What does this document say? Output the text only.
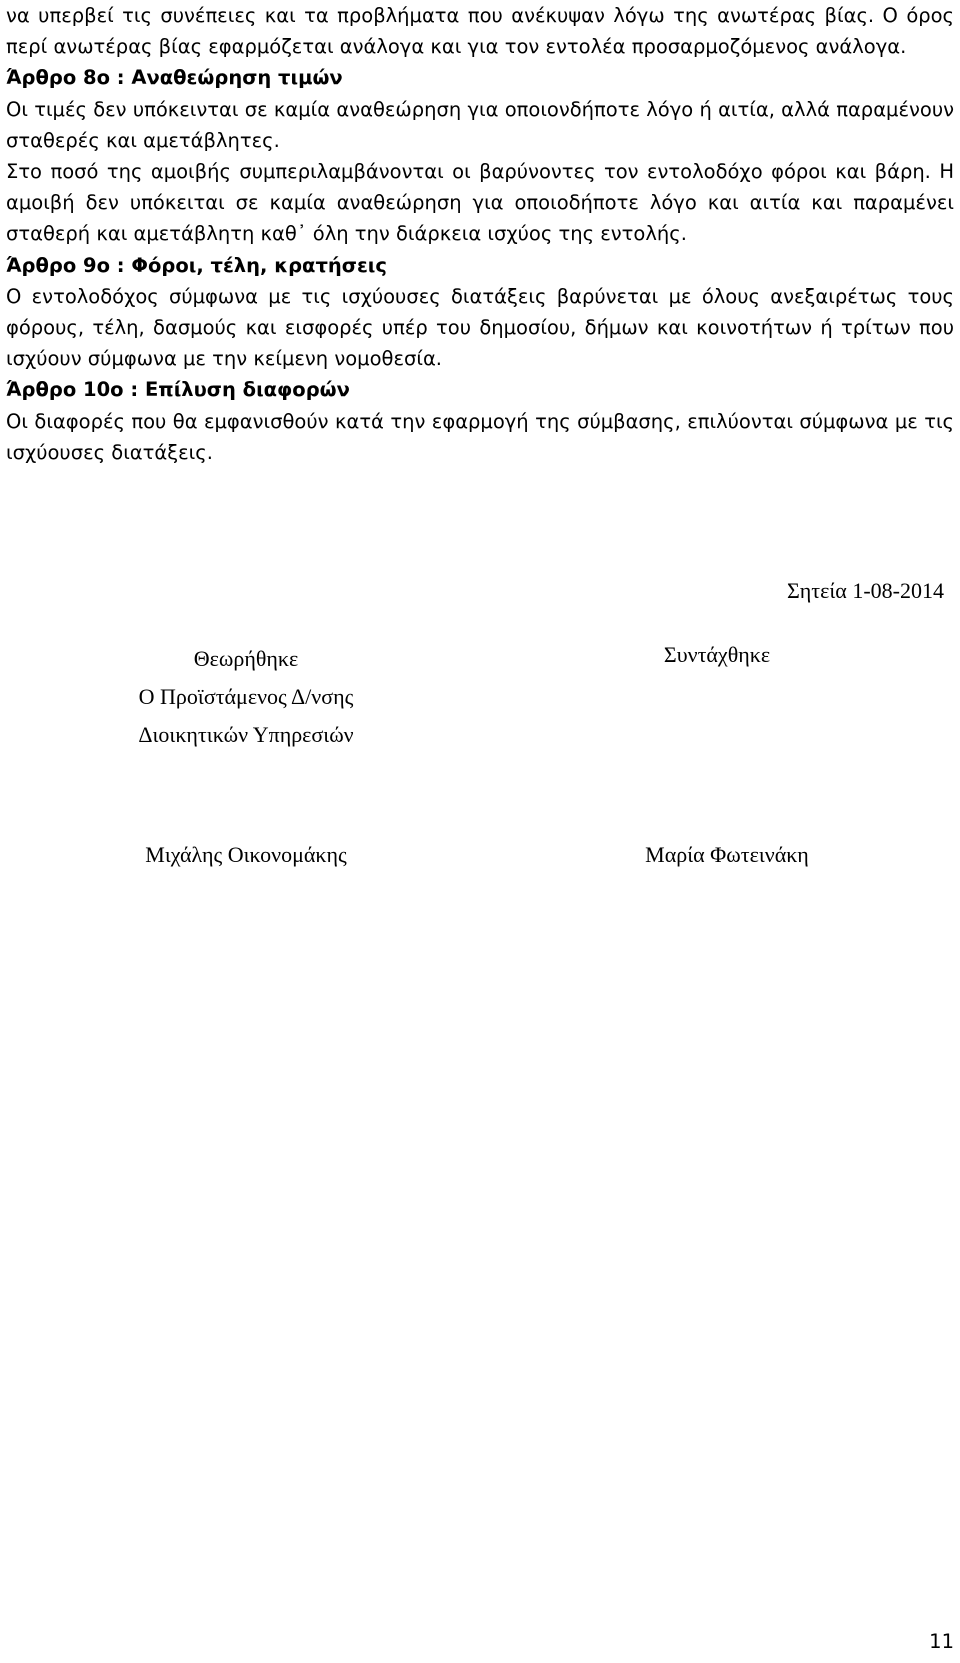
να υπερβεί τις συνέπειες και τα προβλήματα που ανέκυψαν λόγω της ανωτέρας βίας. Ο όρος περί ανωτέρας βίας εφαρμόζεται ανάλογα και για τον εντολέα προσαρμοζόμενος ανάλογα.
Άρθρο 8ο : Αναθεώρηση τιμών
Οι τιμές δεν υπόκεινται σε καμία αναθεώρηση για οποιονδήποτε λόγο ή αιτία, αλλά παραμένουν σταθερές και αμετάβλητες.
Στο ποσό της αμοιβής συμπεριλαμβάνονται οι βαρύνοντες τον εντολοδόχο φόροι και βάρη. Η αμοιβή δεν υπόκειται σε καμία αναθεώρηση για οποιοδήποτε λόγο και αιτία και παραμένει σταθερή και αμετάβλητη καθ᾿ όλη την διάρκεια ισχύος της εντολής.
Άρθρο 9ο : Φόροι, τέλη, κρατήσεις
Ο εντολοδόχος σύμφωνα με τις ισχύουσες διατάξεις βαρύνεται με όλους ανεξαιρέτως τους φόρους, τέλη, δασμούς και εισφορές υπέρ του δημοσίου, δήμων και κοινοτήτων ή τρίτων που ισχύουν σύμφωνα με την κείμενη νομοθεσία.
Άρθρο 10ο : Επίλυση διαφορών
Οι διαφορές που θα εμφανισθούν κατά την εφαρμογή της σύμβασης, επιλύονται σύμφωνα με τις ισχύουσες διατάξεις.
Σητεία 1-08-2014
Θεωρήθηκε
Ο Προϊστάμενος Δ/νσης
Διοικητικών Υπηρεσιών
Συντάχθηκε
Μιχάλης Οικονομάκης	Μαρία Φωτεινάκη
11
